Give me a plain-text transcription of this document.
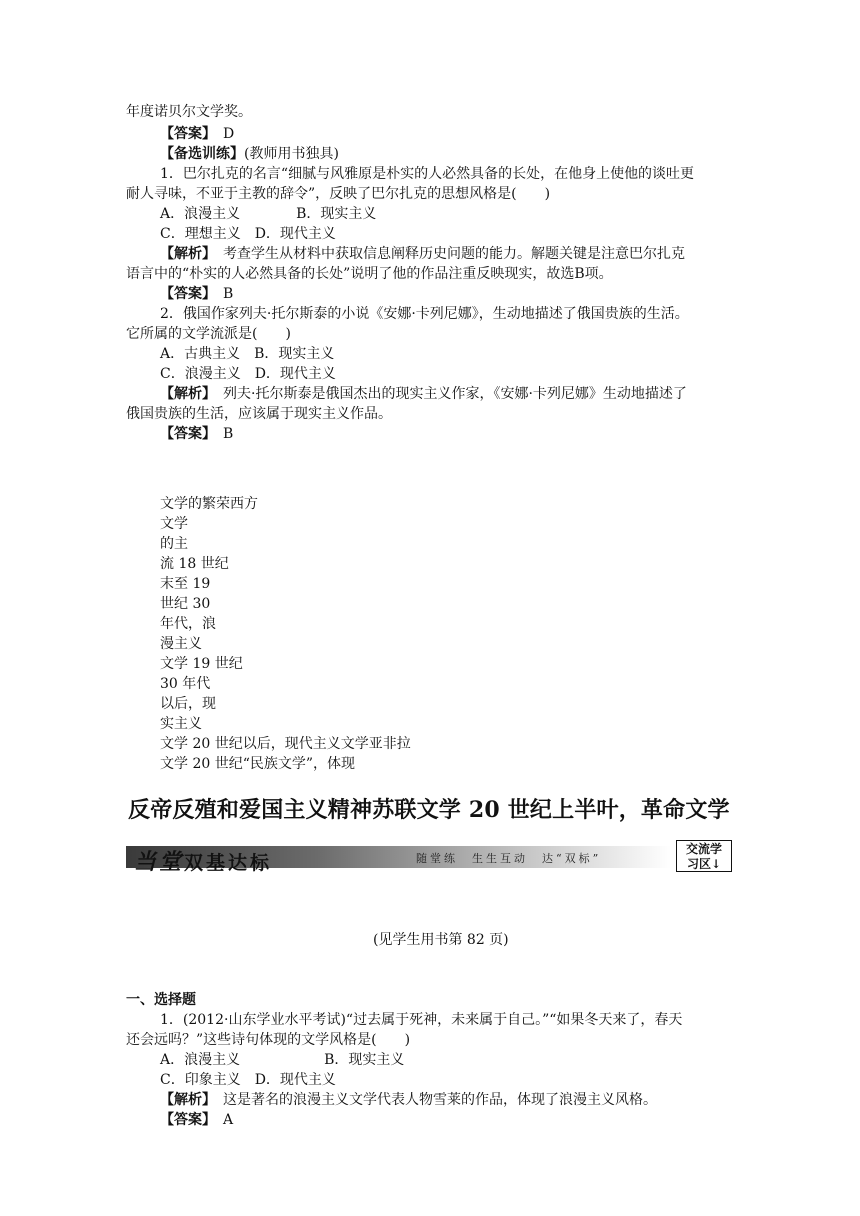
年度诺贝尔文学奖。
【答案】　D
【备选训练】(教师用书独具)
1．巴尔扎克的名言“细腻与风雅原是朴实的人必然具备的长处，在他身上使他的谈吐更
耐人寻味，不亚于主教的辞令”，反映了巴尔扎克的思想风格是(　　)
A．浪漫主义　　　　B．现实主义
C．理想主义　D．现代主义
【解析】　考查学生从材料中获取信息阐释历史问题的能力。解题关键是注意巴尔扎克
语言中的“朴实的人必然具备的长处”说明了他的作品注重反映现实，故选B项。
【答案】　B
2．俄国作家列夫·托尔斯泰的小说《安娜·卡列尼娜》，生动地描述了俄国贵族的生活。
它所属的文学流派是(　　)
A．古典主义　B．现实主义
C．浪漫主义　D．现代主义
【解析】　列夫·托尔斯泰是俄国杰出的现实主义作家，《安娜·卡列尼娜》生动地描述了
俄国贵族的生活，应该属于现实主义作品。
【答案】　B
文学的繁荣西方
文学
的主
流 18 世纪
末至 19
世纪 30
年代，浪
漫主义
文学 19 世纪
30 年代
以后，现
实主义
文学 20 世纪以后，现代主义文学亚非拉
文学 20 世纪“民族文学”，体现
反帝反殖和爱国主义精神苏联文学 20 世纪上半叶，革命文学
当堂双基达标	随堂练　生生互动　达“双标”
交流学
习区↓
(见学生用书第 82 页)
一、选择题
1．(2012·山东学业水平考试)“过去属于死神，未来属于自己。”“如果冬天来了，春天
还会远吗？”这些诗句体现的文学风格是(　　)
A．浪漫主义　　　　　　B．现实主义
C．印象主义　D．现代主义
【解析】　这是著名的浪漫主义文学代表人物雪莱的作品，体现了浪漫主义风格。
【答案】　A
